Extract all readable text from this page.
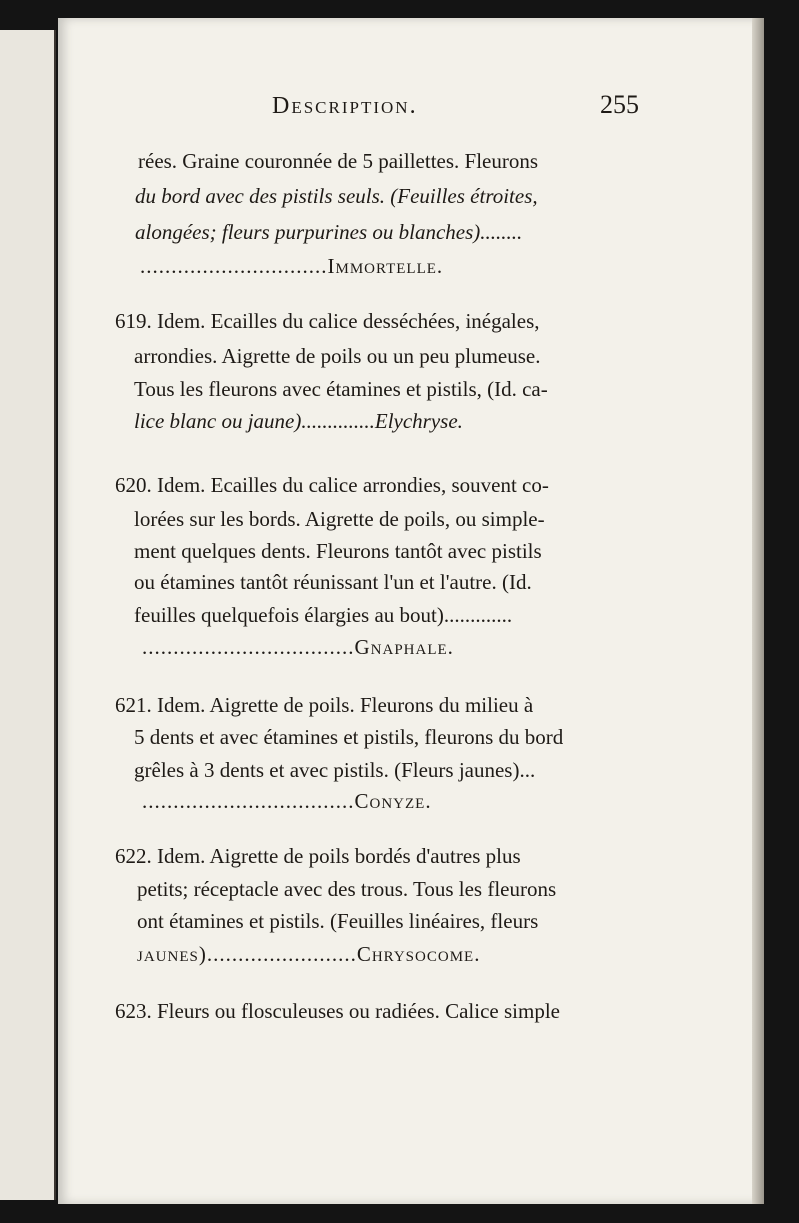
Description.	255
rées. Graine couronnée de 5 paillettes. Fleurons
du bord avec des pistils seuls. (Feuilles étroites,
alongées; fleurs purpurines ou blanches)........
..............................Immortelle.
619. Idem. Ecailles du calice desséchées, inégales,
arrondies. Aigrette de poils ou un peu plumeuse.
Tous les fleurons avec étamines et pistils, (Id. ca-
lice blanc ou jaune)..............Elychryse.
620. Idem. Ecailles du calice arrondies, souvent co-
lorées sur les bords. Aigrette de poils, ou simple-
ment quelques dents. Fleurons tantôt avec pistils
ou étamines tantôt réunissant l'un et l'autre. (Id.
feuilles quelquefois élargies au bout).............
..................................Gnaphale.
621. Idem. Aigrette de poils. Fleurons du milieu à
5 dents et avec étamines et pistils, fleurons du bord
grêles à 3 dents et avec pistils. (Fleurs jaunes)...
..................................Conyze.
622. Idem. Aigrette de poils bordés d'autres plus
petits; réceptacle avec des trous. Tous les fleurons
ont étamines et pistils. (Feuilles linéaires, fleurs
jaunes)........................Chrysocome.
623. Fleurs ou flosculeuses ou radiées. Calice simple
